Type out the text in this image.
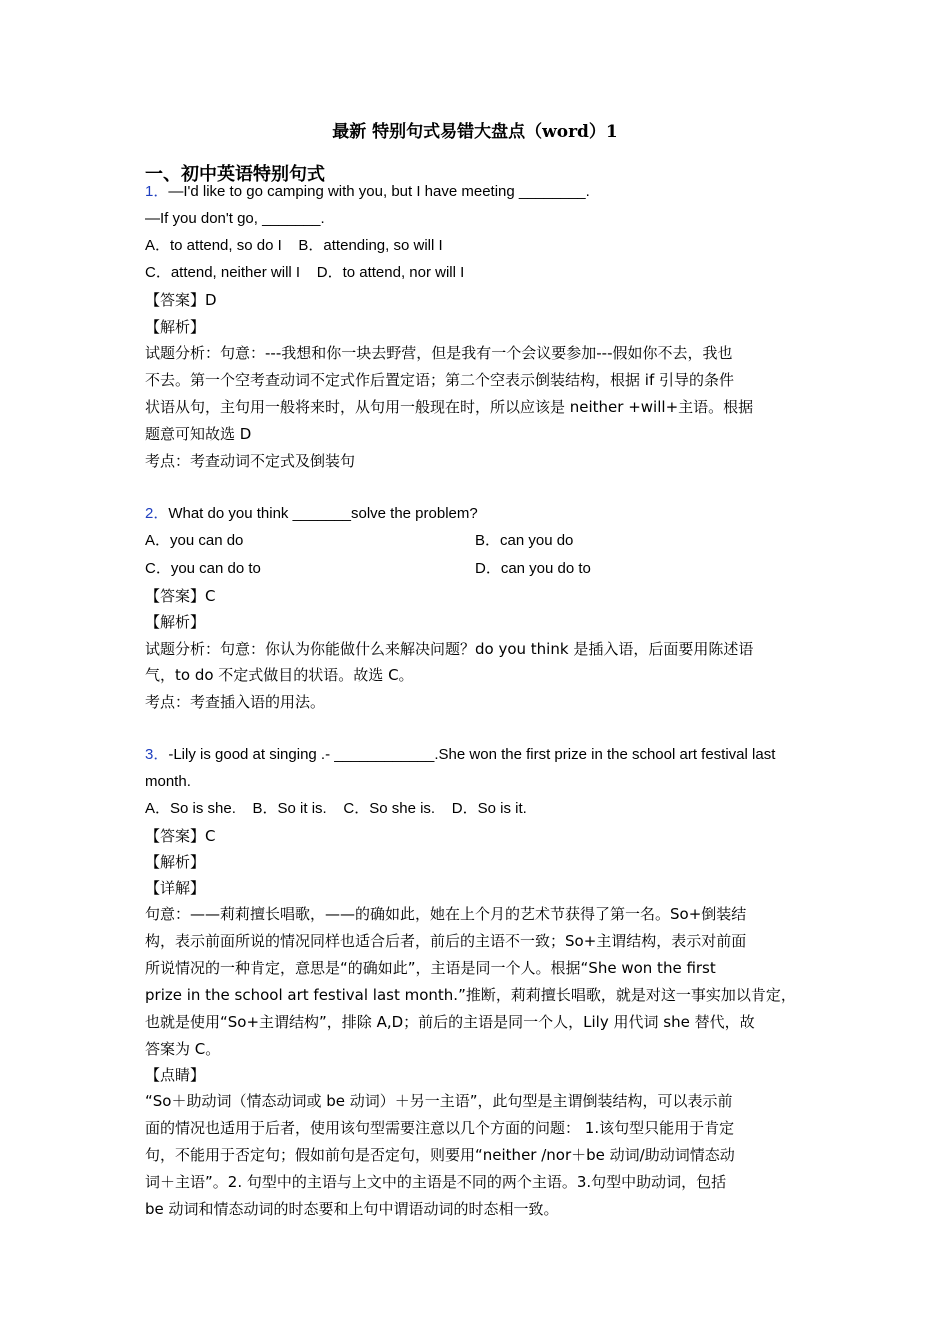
最新 特别句式易错大盘点（word）1
一、初中英语特别句式
1．—I'd like to go camping with you, but I have meeting ________.
—If you don't go, _______.
A．to attend, so do I    B．attending, so will I
C．attend, neither will I    D．to attend, nor will I
【答案】D
【解析】
试题分析：句意：---我想和你一块去野营，但是我有一个会议要参加---假如你不去，我也
不去。第一个空考查动词不定式作后置定语；第二个空表示倒装结构，根据 if 引导的条件
状语从句，主句用一般将来时，从句用一般现在时，所以应该是 neither +will+主语。根据
题意可知故选 D
考点：考查动词不定式及倒装句
2．What do you think _______solve the problem?
A．you can do	B．can you do
C．you can do to	D．can you do to
【答案】C
【解析】
试题分析：句意：你认为你能做什么来解决问题？do you think 是插入语，后面要用陈述语
气，to do 不定式做目的状语。故选 C。
考点：考查插入语的用法。
3．-Lily is good at singing .- ____________.She won the first prize in the school art festival last
month.
A．So is she.    B．So it is.    C．So she is.    D．So is it.
【答案】C
【解析】
【详解】
句意：——莉莉擅长唱歌，——的确如此，她在上个月的艺术节获得了第一名。So+倒装结
构，表示前面所说的情况同样也适合后者，前后的主语不一致；So+主谓结构，表示对前面
所说情况的一种肯定，意思是“的确如此”，主语是同一个人。根据“She won the first
prize in the school art festival last month.”推断，莉莉擅长唱歌，就是对这一事实加以肯定，
也就是使用“So+主谓结构”，排除 A,D；前后的主语是同一个人，Lily 用代词 she 替代，故
答案为 C。
【点睛】
“So＋助动词（情态动词或 be 动词）＋另一主语”，此句型是主谓倒装结构，可以表示前
面的情况也适用于后者，使用该句型需要注意以几个方面的问题： 1.该句型只能用于肯定
句，不能用于否定句；假如前句是否定句，则要用“neither /nor＋be 动词/助动词情态动
词＋主语”。2. 句型中的主语与上文中的主语是不同的两个主语。3.句型中助动词，包括
be 动词和情态动词的时态要和上句中谓语动词的时态相一致。
